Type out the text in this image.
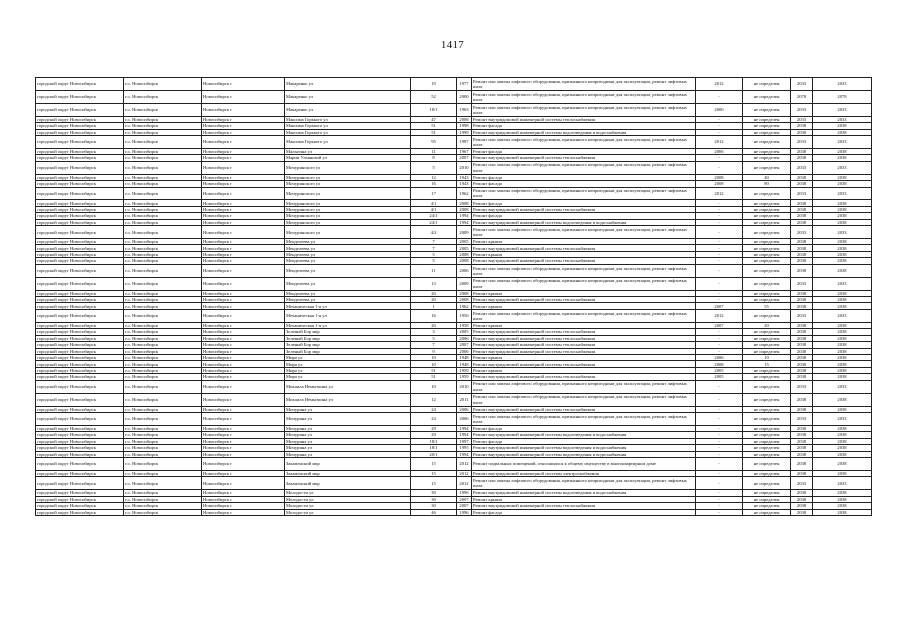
1417
городской округ Новосибирск	г.о. Новосибирск	Новосибирск г	Макаренко ул	19	1977	Ремонт или замена лифтового оборудования, признанного непригодным для эксплуатации, ремонт лифтовых шахт	2012	не определен	2033	2033
городской округ Новосибирск	г.о. Новосибирск	Новосибирск г	Макаренко ул	52	2000	Ремонт или замена лифтового оборудования, признанного непригодным для эксплуатации, ремонт лифтовых шахт	-	не определен	2078	2078
городской округ Новосибирск	г.о. Новосибирск	Новосибирск г	Макаренко ул	18/1	1963	Ремонт или замена лифтового оборудования, признанного непригодным для эксплуатации, ремонт лифтовых шахт	2000	не определен	2033	2033
городской округ Новосибирск	г.о. Новосибирск	Новосибирск г	Максима Горького ул	47	2008	Ремонт внутридомовой инженерной системы теплоснабжения	-	не определен	2033	2033
городской округ Новосибирск	г.о. Новосибирск	Новосибирск г	Максима Горького ул	51	1998	Ремонт фасада	-	не определен	2038	2038
городской округ Новосибирск	г.о. Новосибирск	Новосибирск г	Максима Горького ул	51	1999	Ремонт внутридомовой инженерной системы водоотведения и водоснабжения	-	не определен	2038	2038
городской округ Новосибирск	г.о. Новосибирск	Новосибирск г	Максима Горького ул	95	1987	Ремонт или замена лифтового оборудования, признанного непригодным для эксплуатации, ремонт лифтовых шахт	2012	не определен	2033	2033
городской округ Новосибирск	г.о. Новосибирск	Новосибирск г	Малыгина ул	11	1967	Ремонт фасада	2006	не определен	2038	2038
городской округ Новосибирск	г.о. Новосибирск	Новосибирск г	Марии Ульяновой ул	8	2007	Ремонт внутридомовой инженерной системы теплоснабжения	-	не определен	2038	2038
городской округ Новосибирск	г.о. Новосибирск	Новосибирск г	Мичуринского ул	5	2010	Ремонт или замена лифтового оборудования, признанного непригодным для эксплуатации, ремонт лифтовых шахт	-	не определен	2033	2033
городской округ Новосибирск	г.о. Новосибирск	Новосибирск г	Мичуринского ул	12	1943	Ремонт фасада	2008	40	2038	2038
городской округ Новосибирск	г.о. Новосибирск	Новосибирск г	Мичуринского ул	16	1943	Ремонт фасада	2008	80	2038	2038
городской округ Новосибирск	г.о. Новосибирск	Новосибирск г	Мичуринского ул	17	1962	Ремонт или замена лифтового оборудования, признанного непригодным для эксплуатации, ремонт лифтовых шахт	2012	не определен	2033	2033
городской округ Новосибирск	г.о. Новосибирск	Новосибирск г	Мичуринского ул	4/1	2008	Ремонт фасада	-	не определен	2038	2038
городской округ Новосибирск	г.о. Новосибирск	Новосибирск г	Мичуринского ул	4/1	2008	Ремонт внутридомовой инженерной системы теплоснабжения	-	не определен	2038	2038
городской округ Новосибирск	г.о. Новосибирск	Новосибирск г	Мичуринского ул	24/1	1994	Ремонт фасада	-	не определен	2038	2038
городской округ Новосибирск	г.о. Новосибирск	Новосибирск г	Мичуринского ул	24/1	1994	Ремонт внутридомовой инженерной системы водоотведения и водоснабжения	-	не определен	2038	2038
городской округ Новосибирск	г.о. Новосибирск	Новосибирск г	Мичуринского ул	4/2	2009	Ремонт или замена лифтового оборудования, признанного непригодным для эксплуатации, ремонт лифтовых шахт	-	не определен	2033	2033
городской округ Новосибирск	г.о. Новосибирск	Новосибирск г	Менделеева ул	7	2005	Ремонт крыши	-	не определен	2038	2038
городской округ Новосибирск	г.о. Новосибирск	Новосибирск г	Менделеева ул	7	2005	Ремонт внутридомовой инженерной системы теплоснабжения	-	не определен	2038	2038
городской округ Новосибирск	г.о. Новосибирск	Новосибирск г	Менделеева ул	5	2008	Ремонт крыши	-	не определен	2038	2038
городской округ Новосибирск	г.о. Новосибирск	Новосибирск г	Менделеева ул	5	2008	Ремонт внутридомовой инженерной системы теплоснабжения	-	не определен	2038	2038
городской округ Новосибирск	г.о. Новосибирск	Новосибирск г	Менделеева ул	11	2006	Ремонт или замена лифтового оборудования, признанного непригодным для эксплуатации, ремонт лифтовых шахт	-	не определен	2038	2038
городской округ Новосибирск	г.о. Новосибирск	Новосибирск г	Менделеева ул	13	2009	Ремонт или замена лифтового оборудования, признанного непригодным для эксплуатации, ремонт лифтовых шахт	-	не определен	2033	2033
городской округ Новосибирск	г.о. Новосибирск	Новосибирск г	Менделеева ул	20	2008	Ремонт крыши	-	не определен	2038	2038
городской округ Новосибирск	г.о. Новосибирск	Новосибирск г	Менделеева ул	20	2008	Ремонт внутридомовой инженерной системы теплоснабжения	-	не определен	2038	2038
городской округ Новосибирск	г.о. Новосибирск	Новосибирск г	Механическая 1-я ул	1	1962	Ремонт крыши	2007	55	2038	2038
городской округ Новосибирск	г.о. Новосибирск	Новосибирск г	Механическая 1-я ул	16	1950	Ремонт или замена лифтового оборудования, признанного непригодным для эксплуатации, ремонт лифтовых шахт	2012	не определен	2033	2033
городской округ Новосибирск	г.о. Новосибирск	Новосибирск г	Механическая 1-я ул	20	1958	Ремонт крыши	2007	20	2038	2038
городской округ Новосибирск	г.о. Новосибирск	Новосибирск г	Зеленый Бор мкр	3	2005	Ремонт внутридомовой инженерной системы теплоснабжения	-	не определен	2038	2038
городской округ Новосибирск	г.о. Новосибирск	Новосибирск г	Зеленый Бор мкр	5	2006	Ремонт внутридомовой инженерной системы теплоснабжения	-	не определен	2038	2038
городской округ Новосибирск	г.о. Новосибирск	Новосибирск г	Зеленый Бор мкр	7	2007	Ремонт внутридомовой инженерной системы теплоснабжения	-	не определен	2038	2038
городской округ Новосибирск	г.о. Новосибирск	Новосибирск г	Зеленый Бор мкр	9	2006	Ремонт внутридомовой инженерной системы теплоснабжения	-	не определен	2038	2038
городской округ Новосибирск	г.о. Новосибирск	Новосибирск г	Мира ул	10	1948	Ремонт крыши	2006	10	2038	2038
городской округ Новосибирск	г.о. Новосибирск	Новосибирск г	Мира ул	10	1948	Ремонт внутридомовой инженерной системы теплоснабжения	2008	15	2038	2038
городской округ Новосибирск	г.о. Новосибирск	Новосибирск г	Мира ул	51	1959	Ремонт крыши	2005	не определен	2038	2038
городской округ Новосибирск	г.о. Новосибирск	Новосибирск г	Мира ул	51	1959	Ремонт внутридомовой инженерной системы теплоснабжения	2005	не определен	2038	2038
городской округ Новосибирск	г.о. Новосибирск	Новосибирск г	Михаила Немыткина ул	10	2010	Ремонт или замена лифтового оборудования, признанного непригодным для эксплуатации, ремонт лифтовых шахт	-	не определен	2033	2033
городской округ Новосибирск	г.о. Новосибирск	Новосибирск г	Михаила Немыткина ул	12	2011	Ремонт или замена лифтового оборудования, признанного непригодным для эксплуатации, ремонт лифтовых шахт	-	не определен	2038	2038
городской округ Новосибирск	г.о. Новосибирск	Новосибирск г	Мичурина ул	24	2006	Ремонт внутридомовой инженерной системы теплоснабжения	-	не определен	2038	2038
городской округ Новосибирск	г.о. Новосибирск	Новосибирск г	Мичурина ул	24	2006	Ремонт или замена лифтового оборудования, признанного непригодным для эксплуатации, ремонт лифтовых шахт	-	не определен	2033	2033
городской округ Новосибирск	г.о. Новосибирск	Новосибирск г	Мичурина ул	29	1994	Ремонт фасада	-	не определен	2038	2038
городской округ Новосибирск	г.о. Новосибирск	Новосибирск г	Мичурина ул	29	1994	Ремонт внутридомовой инженерной системы водоотведения и водоснабжения	-	не определен	2038	2038
городской округ Новосибирск	г.о. Новосибирск	Новосибирск г	Мичурина ул	18/1	1997	Ремонт фасада	-	не определен	2038	2038
городской округ Новосибирск	г.о. Новосибирск	Новосибирск г	Мичурина ул	18/1	1995	Ремонт внутридомовой инженерной системы водоотведения и водоснабжения	-	не определен	2038	2038
городской округ Новосибирск	г.о. Новосибирск	Новосибирск г	Мичурина ул	20/1	1994	Ремонт внутридомовой инженерной системы водоотведения и водоснабжения	-	не определен	2038	2038
городской округ Новосибирск	г.о. Новосибирск	Новосибирск г	Закаменский мкр	15	2012	Ремонт подвальных помещений, относящихся к общему имуществу в многоквартирном доме	-	не определен	2038	2038
городской округ Новосибирск	г.о. Новосибирск	Новосибирск г	Закаменский мкр	15	2012	Ремонт внутридомовой инженерной системы электроснабжения	-	не определен	2038	2038
городской округ Новосибирск	г.о. Новосибирск	Новосибирск г	Закаменский мкр	15	2012	Ремонт или замена лифтового оборудования, признанного непригодным для эксплуатации, ремонт лифтовых шахт	-	не определен	2033	2033
городской округ Новосибирск	г.о. Новосибирск	Новосибирск г	Молодости ул	30	1996	Ремонт внутридомовой инженерной системы водоотведения и водоснабжения	-	не определен	2038	2038
городской округ Новосибирск	г.о. Новосибирск	Новосибирск г	Молодости ул	30	2007	Ремонт крыши	-	не определен	2038	2038
городской округ Новосибирск	г.о. Новосибирск	Новосибирск г	Молодости ул	30	2007	Ремонт внутридомовой инженерной системы теплоснабжения	-	не определен	2038	2038
городской округ Новосибирск	г.о. Новосибирск	Новосибирск г	Молодости ул	46	1996	Ремонт фасада	-	не определен	2038	2038
